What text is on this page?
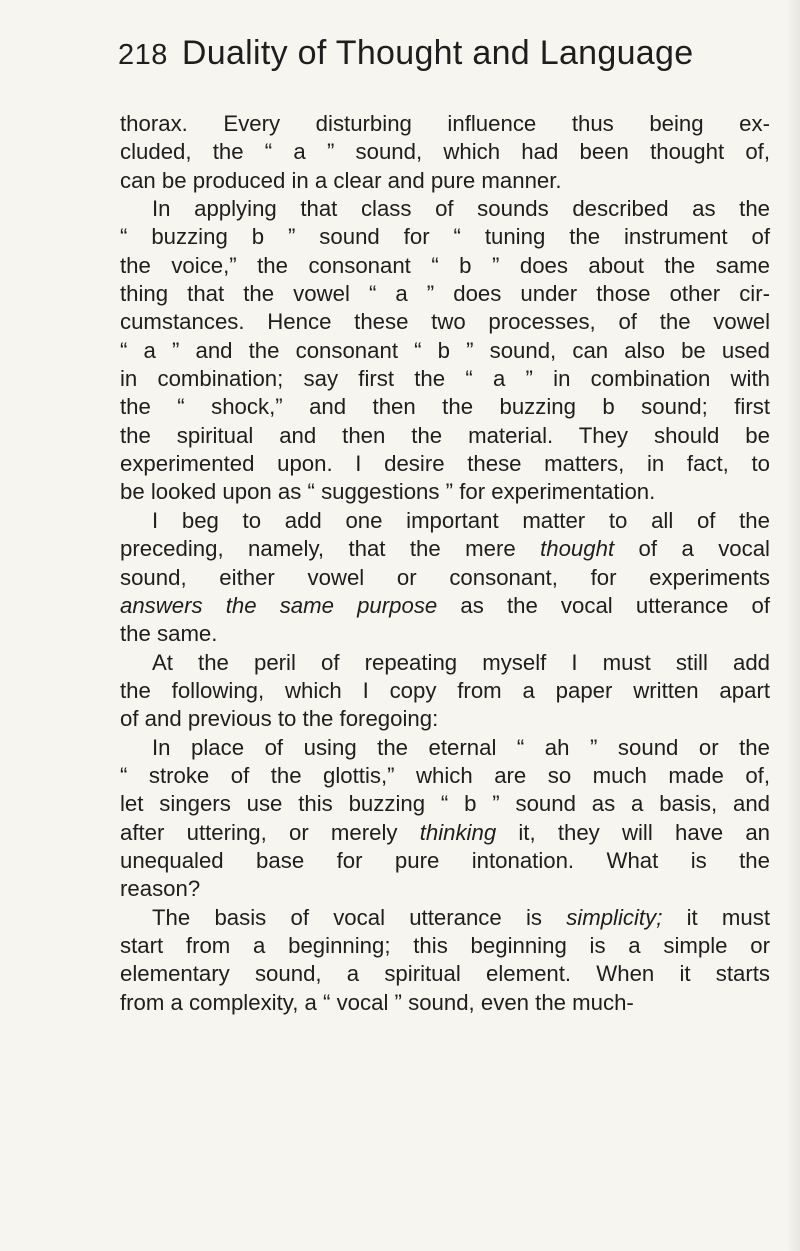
218 Duality of Thought and Language
thorax. Every disturbing influence thus being ex-
cluded, the “ a ” sound, which had been thought of,
can be produced in a clear and pure manner.
In applying that class of sounds described as the
“ buzzing b ” sound for “ tuning the instrument of
the voice,” the consonant “ b ” does about the same
thing that the vowel “ a ” does under those other cir-
cumstances. Hence these two processes, of the vowel
“ a ” and the consonant “ b ” sound, can also be used
in combination; say first the “ a ” in combination with
the “ shock,” and then the buzzing b sound; first
the spiritual and then the material. They should be
experimented upon. I desire these matters, in fact, to
be looked upon as “ suggestions ” for experimentation.
I beg to add one important matter to all of the
preceding, namely, that the mere thought of a vocal
sound, either vowel or consonant, for experiments
answers the same purpose as the vocal utterance of
the same.
At the peril of repeating myself I must still add
the following, which I copy from a paper written apart
of and previous to the foregoing:
In place of using the eternal “ ah ” sound or the
“ stroke of the glottis,” which are so much made of,
let singers use this buzzing “ b ” sound as a basis, and
after uttering, or merely thinking it, they will have an
unequaled base for pure intonation. What is the
reason?
The basis of vocal utterance is simplicity; it must
start from a beginning; this beginning is a simple or
elementary sound, a spiritual element. When it starts
from a complexity, a “ vocal ” sound, even the much-
